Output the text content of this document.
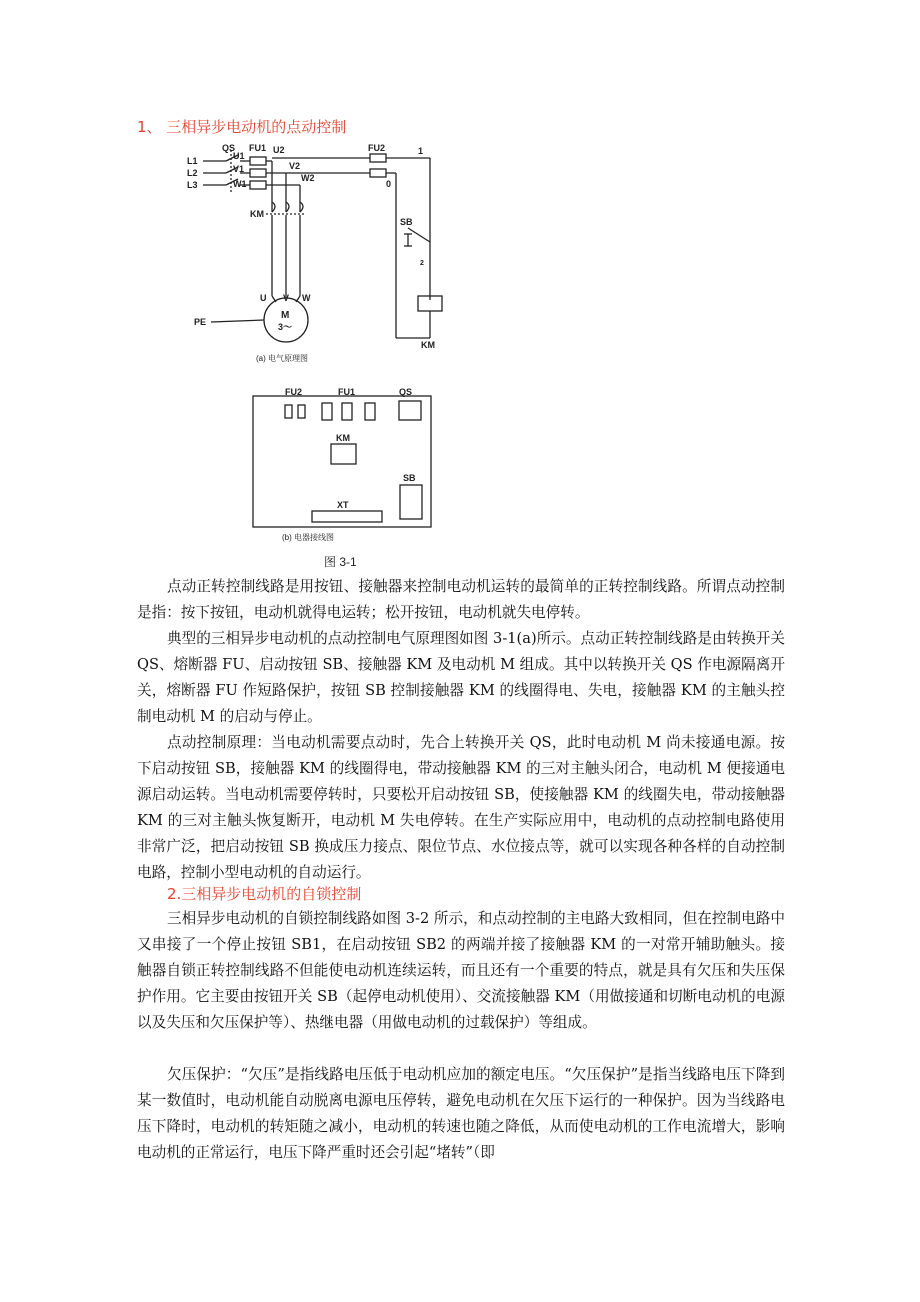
1、 三相异步电动机的点动控制
QS FU1 U2	FU2	1
U1
V2
V1
W2
W1
L1
L2
L3	0
KM
SB
2
U V W
M
3～
PE
KM
(a) 电气原理图
FU2	FU1	QS
KM
SB
XT
(b) 电器接线图
图 3-1

点动正转控制线路是用按钮、接触器来控制电动机运转的最简单的正转控制线路。所谓点动控制是指：按下按钮，电动机就得电运转；松开按钮，电动机就失电停转。

典型的三相异步电动机的点动控制电气原理图如图 3-1(a)所示。点动正转控制线路是由转换开关 QS、熔断器 FU、启动按钮 SB、接触器 KM 及电动机 M 组成。其中以转换开关 QS 作电源隔离开关，熔断器 FU 作短路保护，按钮 SB 控制接触器 KM 的线圈得电、失电，接触器 KM 的主触头控制电动机 M 的启动与停止。

点动控制原理：当电动机需要点动时，先合上转换开关 QS，此时电动机 M 尚未接通电源。按下启动按钮 SB，接触器 KM 的线圈得电，带动接触器 KM 的三对主触头闭合，电动机 M 便接通电源启动运转。当电动机需要停转时，只要松开启动按钮 SB，使接触器 KM 的线圈失电，带动接触器 KM 的三对主触头恢复断开，电动机 M 失电停转。在生产实际应用中，电动机的点动控制电路使用非常广泛，把启动按钮 SB 换成压力接点、限位节点、水位接点等，就可以实现各种各样的自动控制电路，控制小型电动机的自动运行。

2.三相异步电动机的自锁控制

三相异步电动机的自锁控制线路如图 3-2 所示，和点动控制的主电路大致相同，但在控制电路中又串接了一个停止按钮 SB1，在启动按钮 SB2 的两端并接了接触器 KM 的一对常开辅助触头。接触器自锁正转控制线路不但能使电动机连续运转，而且还有一个重要的特点，就是具有欠压和失压保护作用。它主要由按钮开关 SB（起停电动机使用）、交流接触器 KM（用做接通和切断电动机的电源以及失压和欠压保护等）、热继电器（用做电动机的过载保护）等组成。

欠压保护：“欠压”是指线路电压低于电动机应加的额定电压。“欠压保护”是指当线路电压下降到某一数值时，电动机能自动脱离电源电压停转，避免电动机在欠压下运行的一种保护。因为当线路电压下降时，电动机的转矩随之减小，电动机的转速也随之降低，从而使电动机的工作电流增大，影响电动机的正常运行，电压下降严重时还会引起“堵转”（即
